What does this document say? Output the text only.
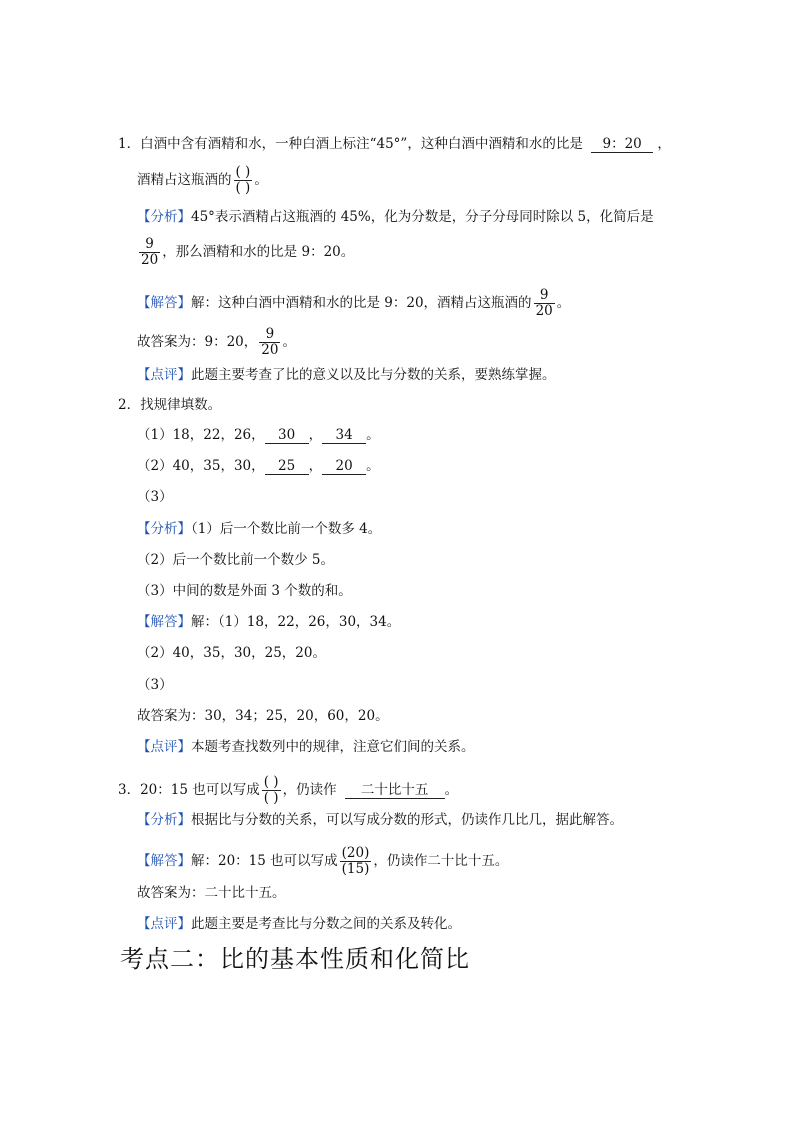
1．白酒中含有酒精和水，一种白酒上标注“45°”，这种白酒中酒精和水的比是 9：20 ，
酒精占这瓶酒的 $\frac{( )}{( )}$ 。
【分析】45°表示酒精占这瓶酒的 45%，化为分数是，分子分母同时除以 5，化简后是
$\frac{9}{20}$ ，那么酒精和水的比是 9：20。
【解答】解：这种白酒中酒精和水的比是 9：20，酒精占这瓶酒的 $\frac{9}{20}$ 。
故答案为：9：20， $\frac{9}{20}$ 。
【点评】此题主要考查了比的意义以及比与分数的关系，要熟练掌握。
2．找规律填数。
（1）18，22，26， 30 ， 34 。
（2）40，35，30， 25 ， 20 。
（3）
【分析】（1）后一个数比前一个数多 4。
（2）后一个数比前一个数少 5。
（3）中间的数是外面 3 个数的和。
【解答】解：（1）18，22，26，30，34。
（2）40，35，30，25，20。
（3）
故答案为：30，34；25，20，60，20。
【点评】本题考查找数列中的规律，注意它们间的关系。
3．20：15 也可以写成 $\frac{( )}{( )}$ ，仍读作 二十比十五 。
【分析】根据比与分数的关系，可以写成分数的形式，仍读作几比几，据此解答。
【解答】解：20：15 也可以写成 $\frac{(20)}{(15)}$ ，仍读作二十比十五。
故答案为：二十比十五。
【点评】此题主要是考查比与分数之间的关系及转化。
考点二：比的基本性质和化简比
